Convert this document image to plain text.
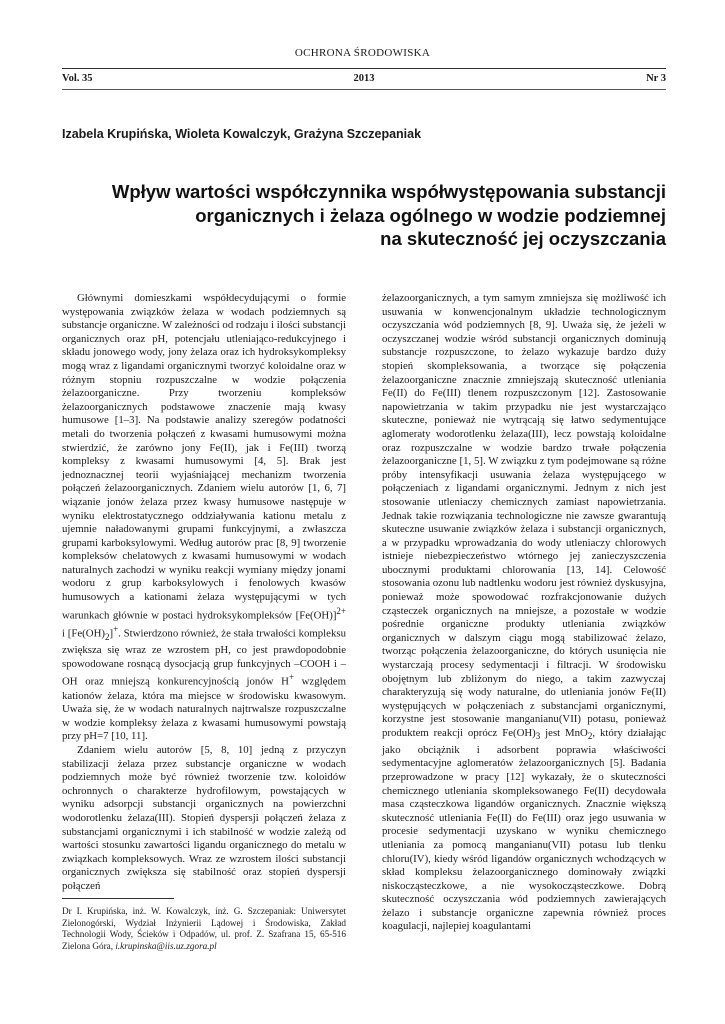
OCHRONA ŚRODOWISKA
Vol. 35	2013	Nr 3
Izabela Krupińska, Wioleta Kowalczyk, Grażyna Szczepaniak
Wpływ wartości współczynnika współwystępowania substancji
organicznych i żelaza ogólnego w wodzie podziemnej
na skuteczność jej oczyszczania

Głównymi domieszkami współdecydującymi o formie występowania związków żelaza w wodach podziemnych są substancje organiczne. W zależności od rodzaju i ilości substancji organicznych oraz pH, potencjału utleniająco-redukcyjnego i składu jonowego wody, jony żelaza oraz ich hydroksykompleksy mogą wraz z ligandami organicznymi tworzyć koloidalne oraz w różnym stopniu rozpuszczalne w wodzie połączenia żelazoorganiczne. Przy tworzeniu kompleksów żelazoorganicznych podstawowe znaczenie mają kwasy humusowe [1–3]. Na podstawie analizy szeregów podatności metali do tworzenia połączeń z kwasami humusowymi można stwierdzić, że zarówno jony Fe(II), jak i Fe(III) tworzą kompleksy z kwasami humusowymi [4, 5]. Brak jest jednoznacznej teorii wyjaśniającej mechanizm tworzenia połączeń żelazoorganicznych. Zdaniem wielu autorów [1, 6, 7] wiązanie jonów żelaza przez kwasy humusowe następuje w wyniku elektrostatycznego oddziaływania kationu metalu z ujemnie naładowanymi grupami funkcyjnymi, a zwłaszcza grupami karboksylowymi. Według autorów prac [8, 9] tworzenie kompleksów chelatowych z kwasami humusowymi w wodach naturalnych zachodzi w wyniku reakcji wymiany między jonami wodoru z grup karboksylowych i fenolowych kwasów humusowych a kationami żelaza występującymi w tych warunkach głównie w postaci hydroksykompleksów $[Fe(OH)]^{2+}$ i $[Fe(OH)_2]^+$. Stwierdzono również, że stała trwałości kompleksu zwiększa się wraz ze wzrostem pH, co jest prawdopodobnie spowodowane rosnącą dysocjacją grup funkcyjnych –COOH i –OH oraz mniejszą konkurencyjnością jonów H+ względem kationów żelaza, która ma miejsce w środowisku kwasowym. Uważa się, że w wodach naturalnych najtrwalsze rozpuszczalne w wodzie kompleksy żelaza z kwasami humusowymi powstają przy pH=7 [10, 11].

Zdaniem wielu autorów [5, 8, 10] jedną z przyczyn stabilizacji żelaza przez substancje organiczne w wodach podziemnych może być również tworzenie tzw. koloidów ochronnych o charakterze hydrofilowym, powstających w wyniku adsorpcji substancji organicznych na powierzchni wodorotlenku żelaza(III). Stopień dyspersji połączeń żelaza z substancjami organicznymi i ich stabilność w wodzie zależą od wartości stosunku zawartości ligandu organicznego do metalu w związkach kompleksowych. Wraz ze wzrostem ilości substancji organicznych zwiększa się stabilność oraz stopień dyspersji połączeń

żelazoorganicznych, a tym samym zmniejsza się możliwość ich usuwania w konwencjonalnym układzie technologicznym oczyszczania wód podziemnych [8, 9]. Uważa się, że jeżeli w oczyszczanej wodzie wśród substancji organicznych dominują substancje rozpuszczone, to żelazo wykazuje bardzo duży stopień skompleksowania, a tworzące się połączenia żelazoorganiczne znacznie zmniejszają skuteczność utleniania Fe(II) do Fe(III) tlenem rozpuszczonym [12]. Zastosowanie napowietrzania w takim przypadku nie jest wystarczająco skuteczne, ponieważ nie wytrącają się łatwo sedymentujące aglomeraty wodorotlenku żelaza(III), lecz powstają koloidalne oraz rozpuszczalne w wodzie bardzo trwałe połączenia żelazoorganiczne [1, 5]. W związku z tym podejmowane są różne próby intensyfikacji usuwania żelaza występującego w połączeniach z ligandami organicznymi. Jednym z nich jest stosowanie utleniaczy chemicznych zamiast napowietrzania. Jednak takie rozwiązania technologiczne nie zawsze gwarantują skuteczne usuwanie związków żelaza i substancji organicznych, a w przypadku wprowadzania do wody utleniaczy chlorowych istnieje niebezpieczeństwo wtórnego jej zanieczyszczenia ubocznymi produktami chlorowania [13, 14]. Celowość stosowania ozonu lub nadtlenku wodoru jest również dyskusyjna, ponieważ może spowodować rozfrakcjonowanie dużych cząsteczek organicznych na mniejsze, a pozostałe w wodzie pośrednie organiczne produkty utleniania związków organicznych w dalszym ciągu mogą stabilizować żelazo, tworząc połączenia żelazoorganiczne, do których usunięcia nie wystarczają procesy sedymentacji i filtracji. W środowisku obojętnym lub zbliżonym do niego, a takim zazwyczaj charakteryzują się wody naturalne, do utleniania jonów Fe(II) występujących w połączeniach z substancjami organicznymi, korzystne jest stosowanie manganianu(VII) potasu, ponieważ produktem reakcji oprócz $Fe(OH)_3$ jest MnO$_2$, który działając jako obciążnik i adsorbent poprawia właściwości sedymentacyjne aglomeratów żelazoorganicznych [5]. Badania przeprowadzone w pracy [12] wykazały, że o skuteczności chemicznego utleniania skompleksowanego Fe(II) decydowała masa cząsteczkowa ligandów organicznych. Znacznie większą skuteczność utleniania Fe(II) do Fe(III) oraz jego usuwania w procesie sedymentacji uzyskano w wyniku chemicznego utleniania za pomocą manganianu(VII) potasu lub tlenku chloru(IV), kiedy wśród ligandów organicznych wchodzących w skład kompleksu żelazoorganicznego dominowały związki niskocząsteczkowe, a nie wysokocząsteczkowe. Dobrą skuteczność oczyszczania wód podziemnych zawierających żelazo i substancje organiczne zapewnia również proces koagulacji, najlepiej koagulantami

Dr I. Krupińska, inż. W. Kowalczyk, inż. G. Szczepaniak: Uniwersytet Zielonogórski, Wydział Inżynierii Lądowej i Środowiska, Zakład Technologii Wody, Ścieków i Odpadów, ul. prof. Z. Szafrana 15, 65-516 Zielona Góra, i.krupinska@iis.uz.zgora.pl
